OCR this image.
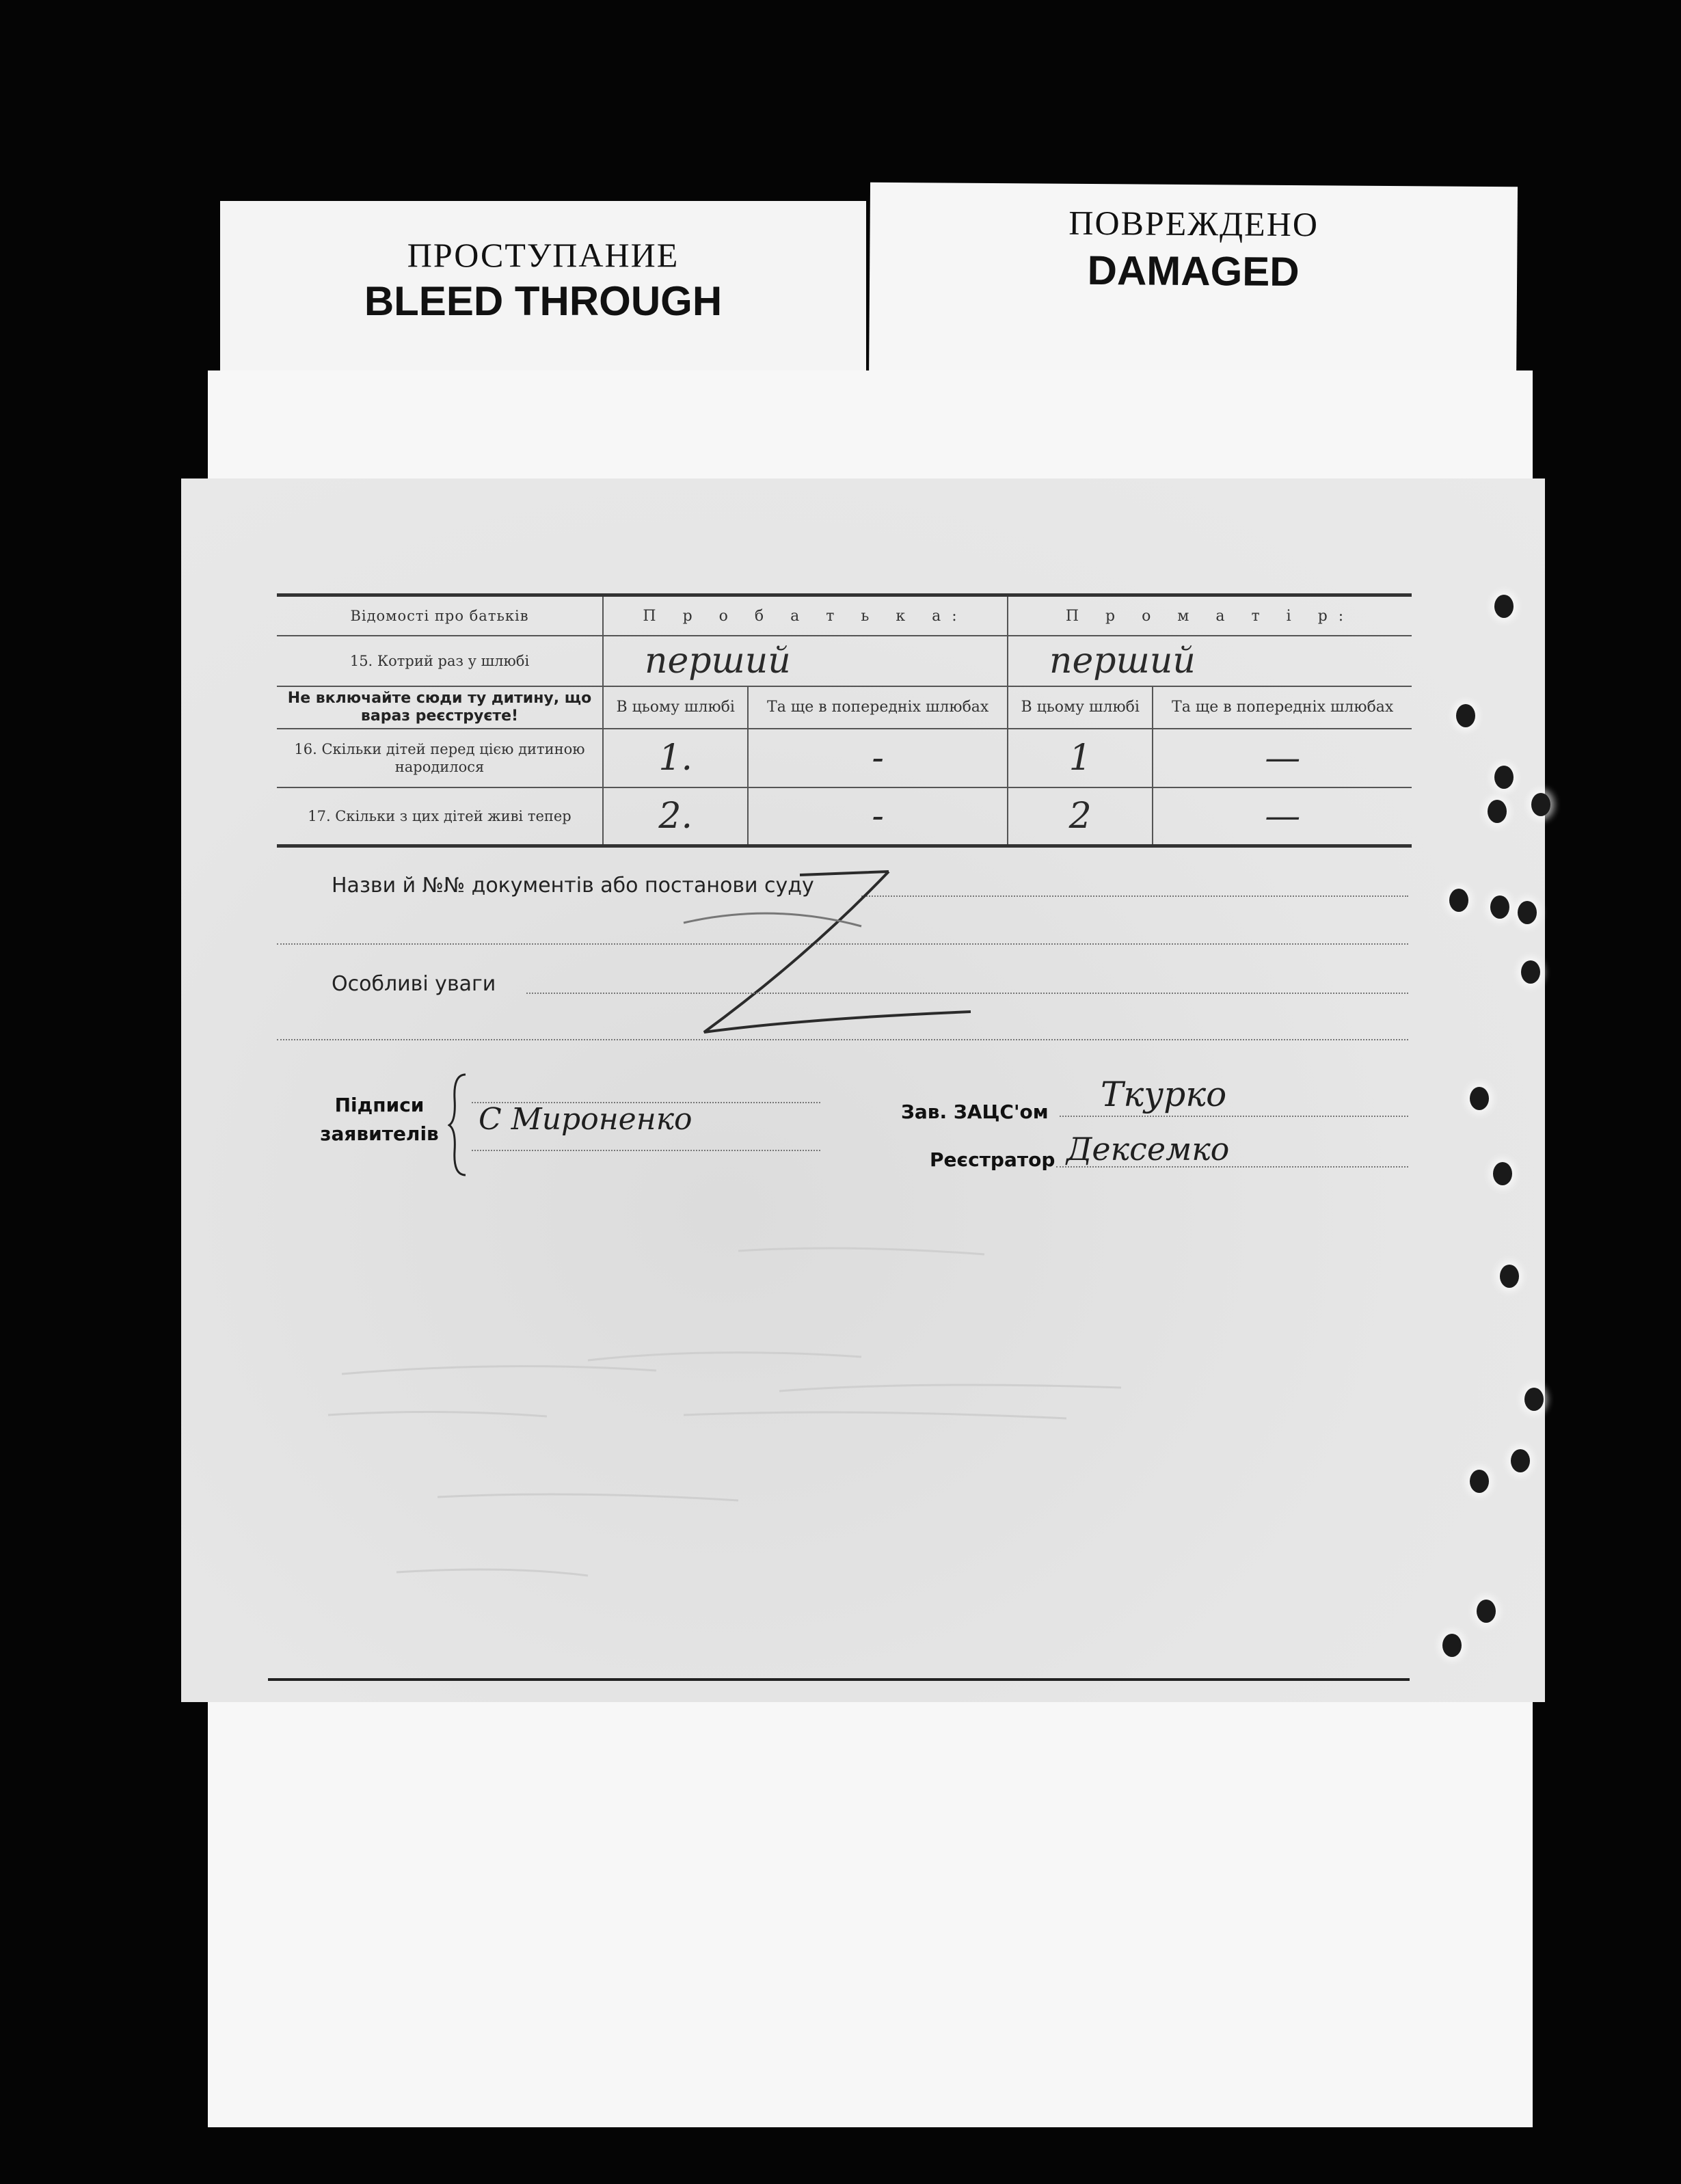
ПРОСТУПАНИЕ
BLEED THROUGH
ПОВРЕЖДЕНО
DAMAGED

Відомості про батьків	П р о б а т ь к а:		П р о м а т і р:	
15. Котрий раз у шлюбі	перший		перший	
Не включайте сюди ту дитину, що вараз реєструєте!	В цьому шлюбі	Та ще в попередніх шлюбах	В цьому шлюбі	Та ще в попередніх шлюбах
16. Скільки дітей перед цією дитиною народилося	1.	-	1	—
17. Скільки з цих дітей живі тепер	2.	-	2	—
Назви й №№ документів або постанови суду
Особливі уваги
Підписи заявителів	С Мироненко	Зав. ЗАЦС'ом Ткурко
Реєстратор Дексемко
